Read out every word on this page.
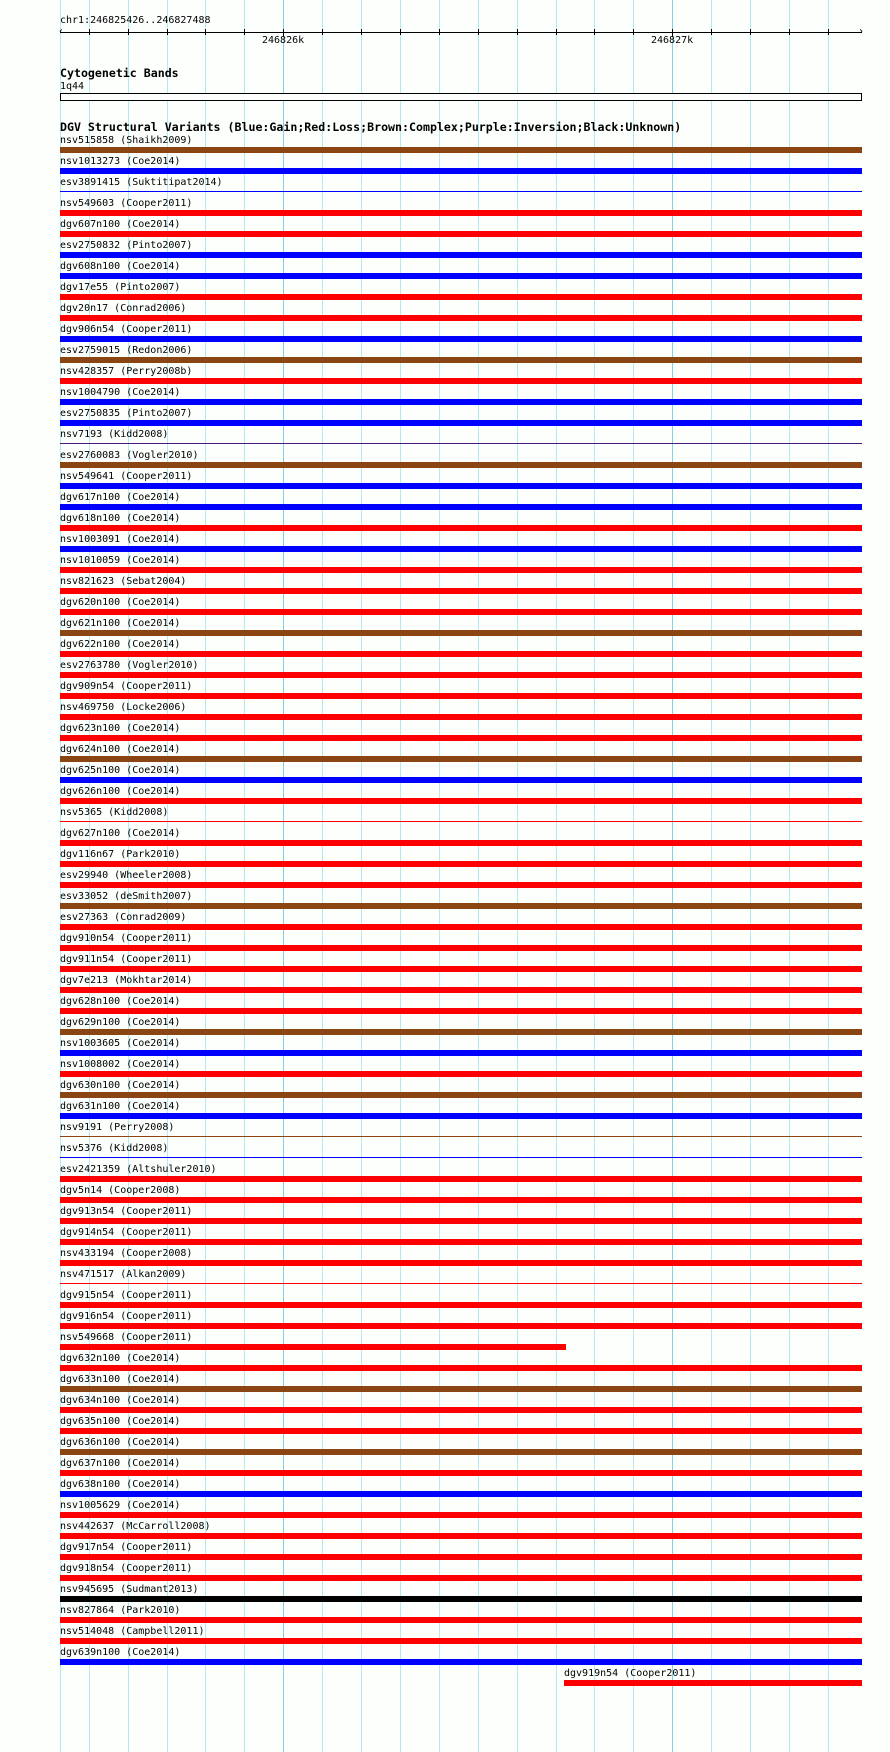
chr1:246825426..246827488
‹	›
246826k	246827k
Cytogenetic Bands
1q44
DGV Structural Variants (Blue:Gain;Red:Loss;Brown:Complex;Purple:Inversion;Black:Unknown)
nsv515858 (Shaikh2009)
nsv1013273 (Coe2014)
esv3891415 (Suktitipat2014)
nsv549603 (Cooper2011)
dgv607n100 (Coe2014)
esv2750832 (Pinto2007)
dgv608n100 (Coe2014)
dgv17e55 (Pinto2007)
dgv20n17 (Conrad2006)
dgv906n54 (Cooper2011)
esv2759015 (Redon2006)
nsv428357 (Perry2008b)
nsv1004790 (Coe2014)
esv2750835 (Pinto2007)
nsv7193 (Kidd2008)
esv2760083 (Vogler2010)
nsv549641 (Cooper2011)
dgv617n100 (Coe2014)
dgv618n100 (Coe2014)
nsv1003091 (Coe2014)
nsv1010059 (Coe2014)
nsv821623 (Sebat2004)
dgv620n100 (Coe2014)
dgv621n100 (Coe2014)
dgv622n100 (Coe2014)
esv2763780 (Vogler2010)
dgv909n54 (Cooper2011)
nsv469750 (Locke2006)
dgv623n100 (Coe2014)
dgv624n100 (Coe2014)
dgv625n100 (Coe2014)
dgv626n100 (Coe2014)
nsv5365 (Kidd2008)
dgv627n100 (Coe2014)
dgv116n67 (Park2010)
esv29940 (Wheeler2008)
esv33052 (deSmith2007)
esv27363 (Conrad2009)
dgv910n54 (Cooper2011)
dgv911n54 (Cooper2011)
dgv7e213 (Mokhtar2014)
dgv628n100 (Coe2014)
dgv629n100 (Coe2014)
nsv1003605 (Coe2014)
nsv1008002 (Coe2014)
dgv630n100 (Coe2014)
dgv631n100 (Coe2014)
nsv9191 (Perry2008)
nsv5376 (Kidd2008)
esv2421359 (Altshuler2010)
dgv5n14 (Cooper2008)
dgv913n54 (Cooper2011)
dgv914n54 (Cooper2011)
nsv433194 (Cooper2008)
nsv471517 (Alkan2009)
dgv915n54 (Cooper2011)
dgv916n54 (Cooper2011)
nsv549668 (Cooper2011)
dgv632n100 (Coe2014)
dgv633n100 (Coe2014)
dgv634n100 (Coe2014)
dgv635n100 (Coe2014)
dgv636n100 (Coe2014)
dgv637n100 (Coe2014)
dgv638n100 (Coe2014)
nsv1005629 (Coe2014)
nsv442637 (McCarroll2008)
dgv917n54 (Cooper2011)
dgv918n54 (Cooper2011)
nsv945695 (Sudmant2013)
nsv827864 (Park2010)
nsv514048 (Campbell2011)
dgv639n100 (Coe2014)
dgv919n54 (Cooper2011)
